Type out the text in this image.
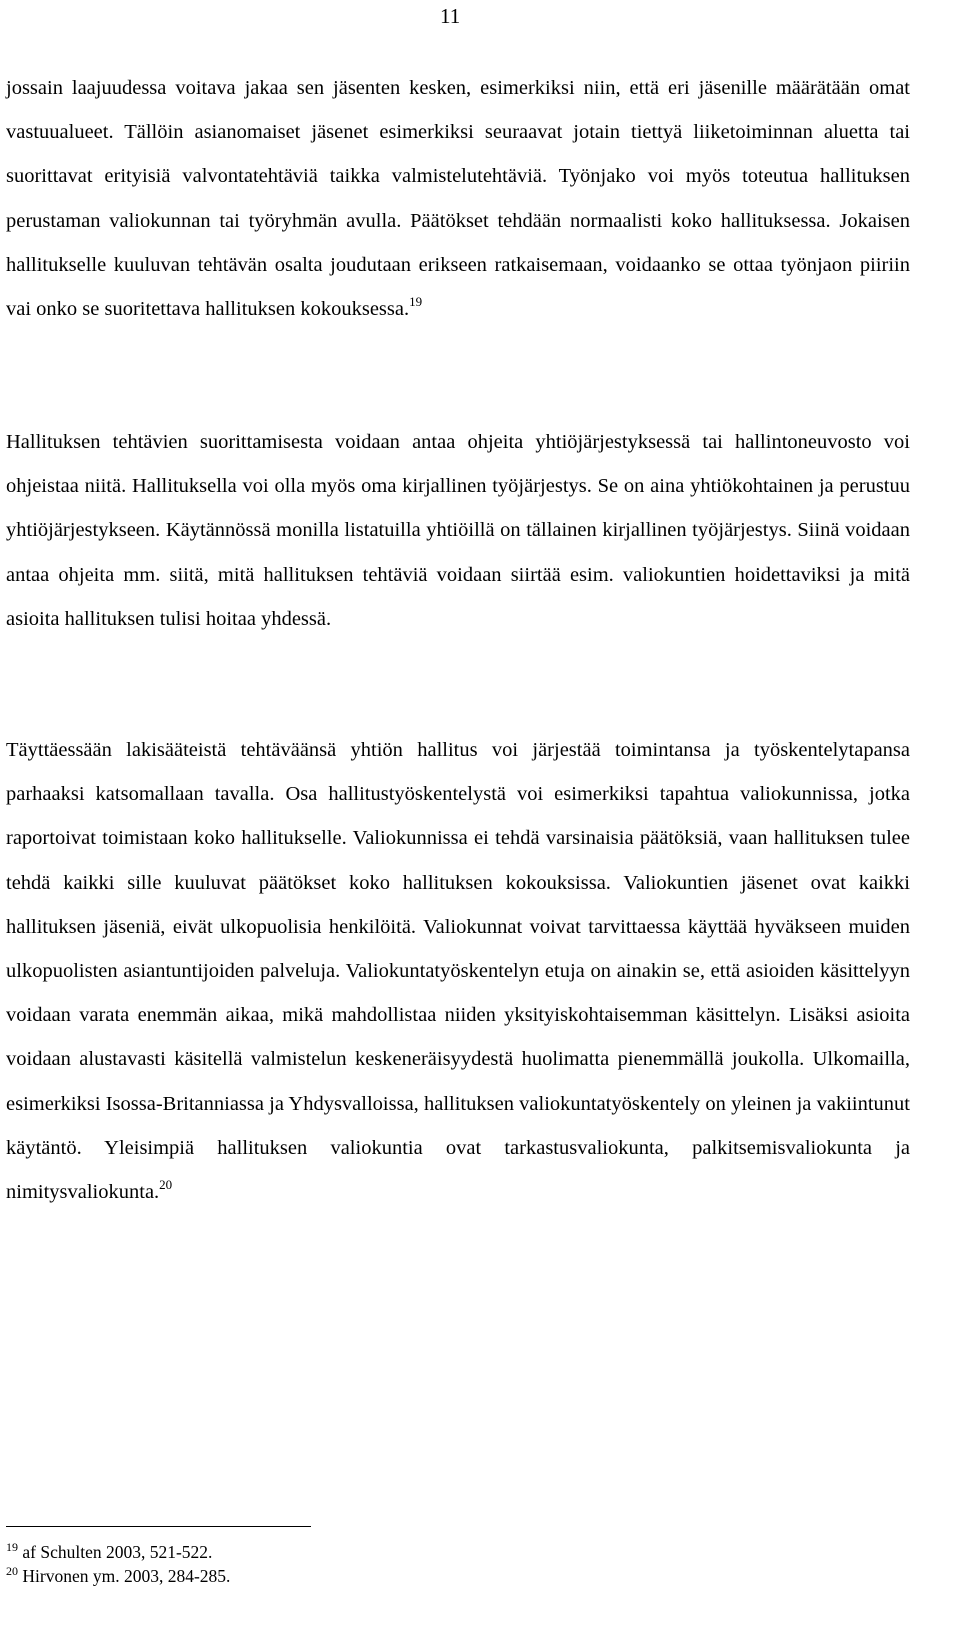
11

jossain laajuudessa voitava jakaa sen jäsenten kesken, esimerkiksi niin, että eri jäsenille määrätään omat vastuualueet. Tällöin asianomaiset jäsenet esimerkiksi seuraavat jotain tiettyä liiketoiminnan aluetta tai suorittavat erityisiä valvontatehtäviä taikka valmistelutehtäviä. Työnjako voi myös toteutua hallituksen perustaman valiokunnan tai työryhmän avulla. Päätökset tehdään normaalisti koko hallituksessa. Jokaisen hallitukselle kuuluvan tehtävän osalta joudutaan erikseen ratkaisemaan, voidaanko se ottaa työnjaon piiriin vai onko se suoritettava hallituksen kokouksessa.$^{19}$

Hallituksen tehtävien suorittamisesta voidaan antaa ohjeita yhtiöjärjestyksessä tai hallintoneuvosto voi ohjeistaa niitä. Hallituksella voi olla myös oma kirjallinen työjärjestys. Se on aina yhtiökohtainen ja perustuu yhtiöjärjestykseen. Käytännössä monilla listatuilla yhtiöillä on tällainen kirjallinen työjärjestys. Siinä voidaan antaa ohjeita mm. siitä, mitä hallituksen tehtäviä voidaan siirtää esim. valiokuntien hoidettaviksi ja mitä asioita hallituksen tulisi hoitaa yhdessä.

Täyttäessään lakisääteistä tehtäväänsä yhtiön hallitus voi järjestää toimintansa ja työskentelytapansa parhaaksi katsomallaan tavalla. Osa hallitustyöskentelystä voi esimerkiksi tapahtua valiokunnissa, jotka raportoivat toimistaan koko hallitukselle. Valiokunnissa ei tehdä varsinaisia päätöksiä, vaan hallituksen tulee tehdä kaikki sille kuuluvat päätökset koko hallituksen kokouksissa. Valiokuntien jäsenet ovat kaikki hallituksen jäseniä, eivät ulkopuolisia henkilöitä. Valiokunnat voivat tarvittaessa käyttää hyväkseen muiden ulkopuolisten asiantuntijoiden palveluja. Valiokuntatyöskentelyn etuja on ainakin se, että asioiden käsittelyyn voidaan varata enemmän aikaa, mikä mahdollistaa niiden yksityiskohtaisemman käsittelyn. Lisäksi asioita voidaan alustavasti käsitellä valmistelun keskeneräisyydestä huolimatta pienemmällä joukolla. Ulkomailla, esimerkiksi Isossa-Britanniassa ja Yhdysvalloissa, hallituksen valiokuntatyöskentely on yleinen ja vakiintunut käytäntö. Yleisimpiä hallituksen valiokuntia ovat tarkastusvaliokunta, palkitsemisvaliokunta ja nimitysvaliokunta.$^{20}$

$^{19}$ af Schulten 2003, 521-522.
$^{20}$ Hirvonen ym. 2003, 284-285.
